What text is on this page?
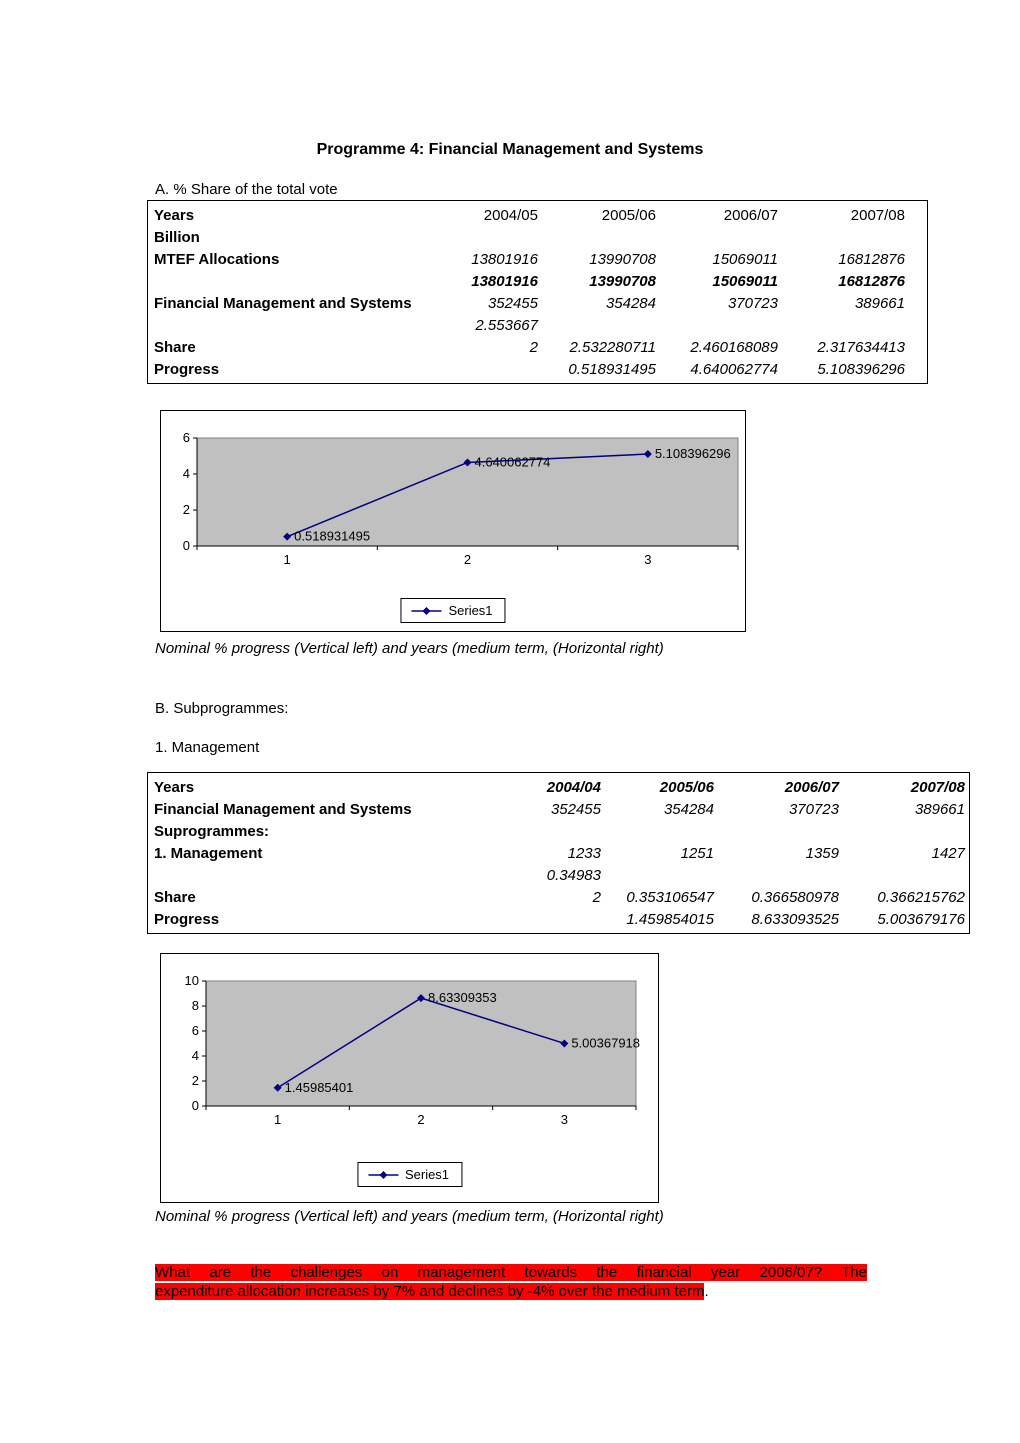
Programme 4: Financial Management and Systems
A. % Share of the total vote
Years	2004/05	2005/06	2006/07	2007/08
Billion				
MTEF Allocations	13801916	13990708	15069011	16812876
	13801916	13990708	15069011	16812876
Financial Management and Systems	352455	354284	370723	389661
	2.553667			
Share	2	2.532280711	2.460168089	2.317634413
Progress		0.518931495	4.640062774	5.108396296
0
2
4
6
1	2	3
0.518931495
4.640062774
5.108396296
Series1
Nominal % progress (Vertical left) and years (medium term, (Horizontal right)
B. Subprogrammes:
1. Management
Years	2004/04	2005/06	2006/07	2007/08
Financial Management and Systems	352455	354284	370723	389661
Suprogrammes:				
1. Management	1233	1251	1359	1427
	0.34983			
Share	2	0.353106547	0.366580978	0.366215762
Progress		1.459854015	8.633093525	5.003679176
0
2
4
6
8
10
1	2	3
1.45985401
8.63309353
5.00367918
Series1
Nominal % progress (Vertical left) and years (medium term, (Horizontal right)
What are the challenges on management towards the financial year 2006/07? The
expenditure allocation increases by 7% and declines by -4% over the medium term.
